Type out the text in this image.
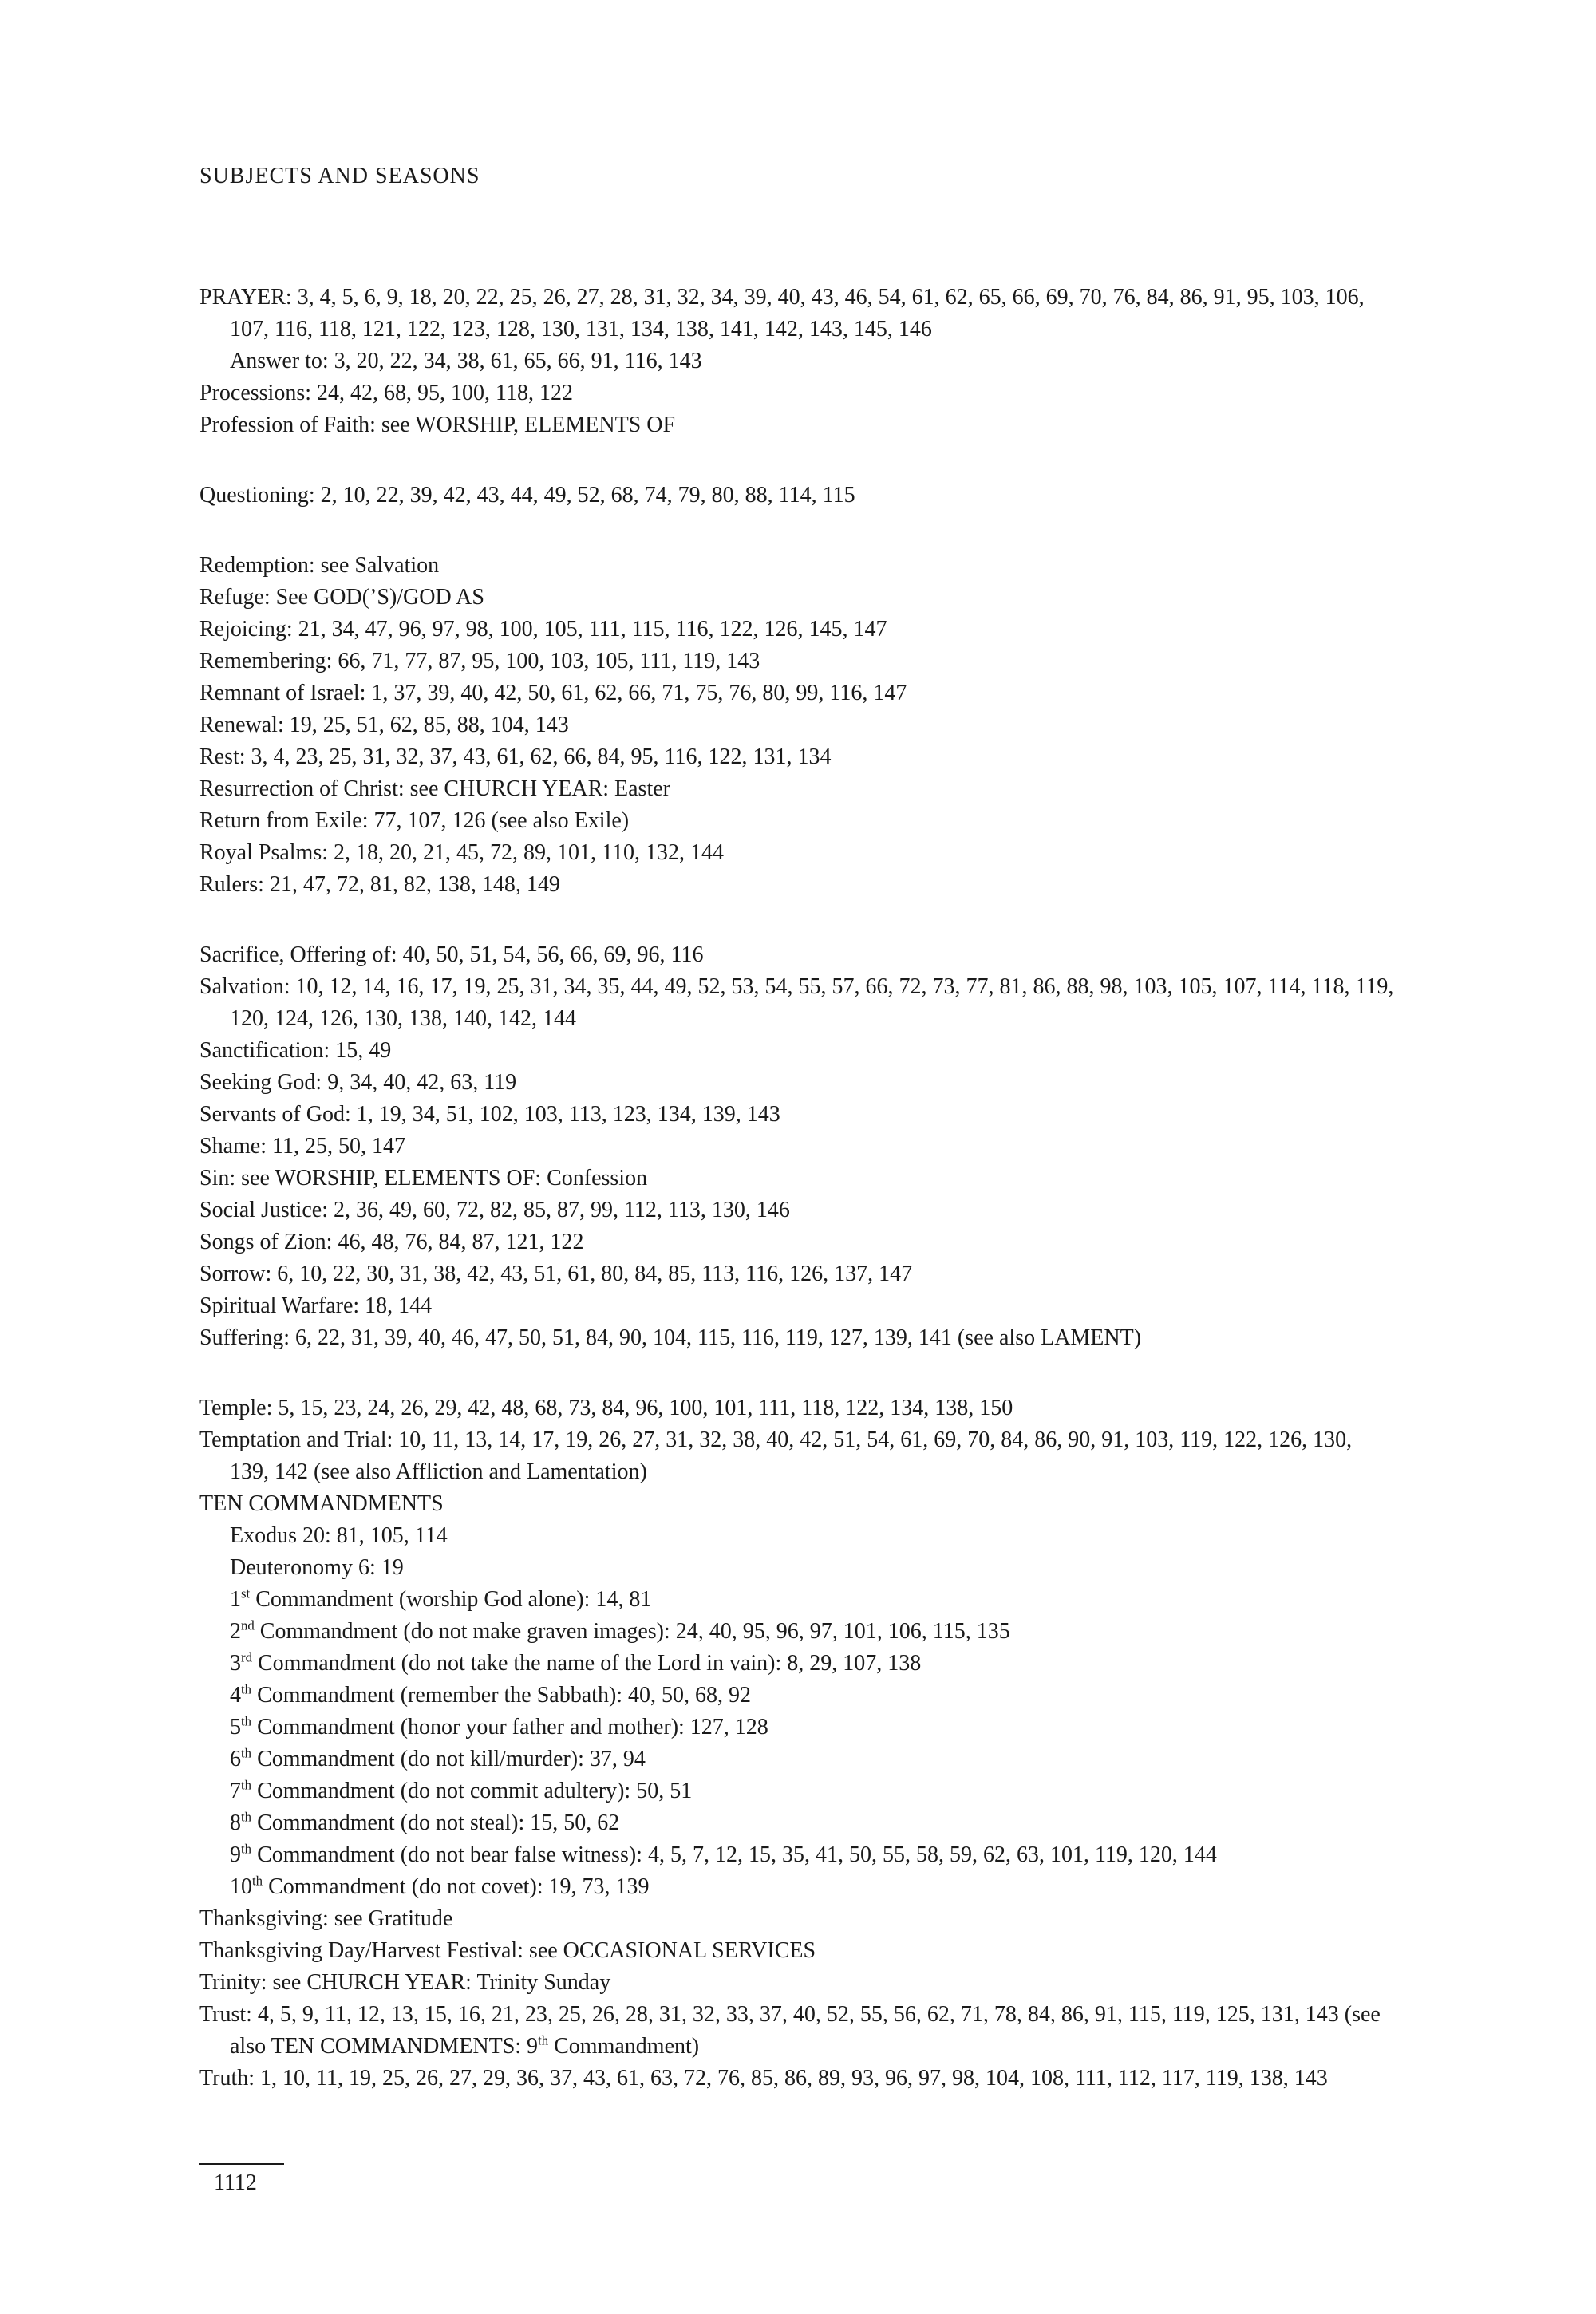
SUBJECTS AND SEASONS

PRAYER: 3, 4, 5, 6, 9, 18, 20, 22, 25, 26, 27, 28, 31, 32, 34, 39, 40, 43, 46, 54, 61, 62, 65, 66, 69, 70, 76, 84, 86, 91, 95, 103, 106, 107, 116, 118, 121, 122, 123, 128, 130, 131, 134, 138, 141, 142, 143, 145, 146

Answer to: 3, 20, 22, 34, 38, 61, 65, 66, 91, 116, 143

Processions: 24, 42, 68, 95, 100, 118, 122

Profession of Faith: see WORSHIP, ELEMENTS OF

Questioning: 2, 10, 22, 39, 42, 43, 44, 49, 52, 68, 74, 79, 80, 88, 114, 115

Redemption: see Salvation

Refuge: See GOD(’S)/GOD AS

Rejoicing: 21, 34, 47, 96, 97, 98, 100, 105, 111, 115, 116, 122, 126, 145, 147

Remembering: 66, 71, 77, 87, 95, 100, 103, 105, 111, 119, 143

Remnant of Israel: 1, 37, 39, 40, 42, 50, 61, 62, 66, 71, 75, 76, 80, 99, 116, 147

Renewal: 19, 25, 51, 62, 85, 88, 104, 143

Rest: 3, 4, 23, 25, 31, 32, 37, 43, 61, 62, 66, 84, 95, 116, 122, 131, 134

Resurrection of Christ: see CHURCH YEAR: Easter

Return from Exile: 77, 107, 126 (see also Exile)

Royal Psalms: 2, 18, 20, 21, 45, 72, 89, 101, 110, 132, 144

Rulers: 21, 47, 72, 81, 82, 138, 148, 149

Sacrifice, Offering of: 40, 50, 51, 54, 56, 66, 69, 96, 116

Salvation: 10, 12, 14, 16, 17, 19, 25, 31, 34, 35, 44, 49, 52, 53, 54, 55, 57, 66, 72, 73, 77, 81, 86, 88, 98, 103, 105, 107, 114, 118, 119, 120, 124, 126, 130, 138, 140, 142, 144

Sanctification: 15, 49

Seeking God: 9, 34, 40, 42, 63, 119

Servants of God: 1, 19, 34, 51, 102, 103, 113, 123, 134, 139, 143

Shame: 11, 25, 50, 147

Sin: see WORSHIP, ELEMENTS OF: Confession

Social Justice: 2, 36, 49, 60, 72, 82, 85, 87, 99, 112, 113, 130, 146

Songs of Zion: 46, 48, 76, 84, 87, 121, 122

Sorrow: 6, 10, 22, 30, 31, 38, 42, 43, 51, 61, 80, 84, 85, 113, 116, 126, 137, 147

Spiritual Warfare: 18, 144

Suffering: 6, 22, 31, 39, 40, 46, 47, 50, 51, 84, 90, 104, 115, 116, 119, 127, 139, 141 (see also LAMENT)

Temple: 5, 15, 23, 24, 26, 29, 42, 48, 68, 73, 84, 96, 100, 101, 111, 118, 122, 134, 138, 150

Temptation and Trial: 10, 11, 13, 14, 17, 19, 26, 27, 31, 32, 38, 40, 42, 51, 54, 61, 69, 70, 84, 86, 90, 91, 103, 119, 122, 126, 130, 139, 142 (see also Affliction and Lamentation)

TEN COMMANDMENTS

Exodus 20: 81, 105, 114

Deuteronomy 6: 19

1st Commandment (worship God alone): 14, 81

2nd Commandment (do not make graven images): 24, 40, 95, 96, 97, 101, 106, 115, 135

3rd Commandment (do not take the name of the Lord in vain): 8, 29, 107, 138

4th Commandment (remember the Sabbath): 40, 50, 68, 92

5th Commandment (honor your father and mother): 127, 128

6th Commandment (do not kill/murder): 37, 94

7th Commandment (do not commit adultery): 50, 51

8th Commandment (do not steal): 15, 50, 62

9th Commandment (do not bear false witness): 4, 5, 7, 12, 15, 35, 41, 50, 55, 58, 59, 62, 63, 101, 119, 120, 144

10th Commandment (do not covet): 19, 73, 139

Thanksgiving: see Gratitude

Thanksgiving Day/Harvest Festival: see OCCASIONAL SERVICES

Trinity: see CHURCH YEAR: Trinity Sunday

Trust: 4, 5, 9, 11, 12, 13, 15, 16, 21, 23, 25, 26, 28, 31, 32, 33, 37, 40, 52, 55, 56, 62, 71, 78, 84, 86, 91, 115, 119, 125, 131, 143 (see also TEN COMMANDMENTS: 9th Commandment)

Truth: 1, 10, 11, 19, 25, 26, 27, 29, 36, 37, 43, 61, 63, 72, 76, 85, 86, 89, 93, 96, 97, 98, 104, 108, 111, 112, 117, 119, 138, 143

1112
